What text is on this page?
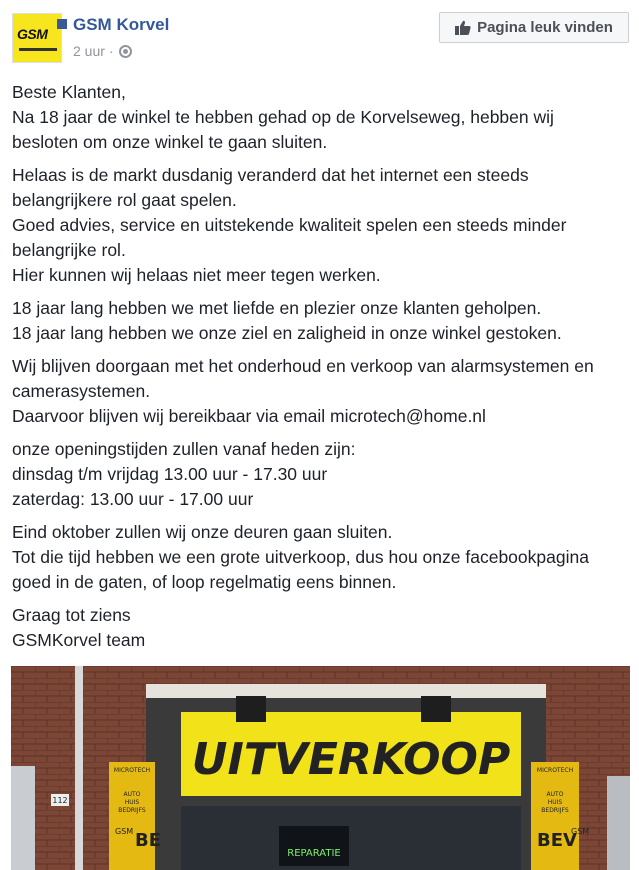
GSM GSM Korvel
2 uur ·
Pagina leuk vinden

Beste Klanten,
Na 18 jaar de winkel te hebben gehad op de Korvelseweg, hebben wij
besloten om onze winkel te gaan sluiten.

Helaas is de markt dusdanig veranderd dat het internet een steeds
belangrijkere rol gaat spelen.
Goed advies, service en uitstekende kwaliteit spelen een steeds minder
belangrijke rol.
Hier kunnen wij helaas niet meer tegen werken.

18 jaar lang hebben we met liefde en plezier onze klanten geholpen.
18 jaar lang hebben we onze ziel en zaligheid in onze winkel gestoken.

Wij blijven doorgaan met het onderhoud en verkoop van alarmsystemen en
camerasystemen.
Daarvoor blijven wij bereikbaar via email microtech@home.nl

onze openingstijden zullen vanaf heden zijn:
dinsdag t/m vrijdag 13.00 uur - 17.30 uur
zaterdag: 13.00 uur - 17.00 uur

Eind oktober zullen wij onze deuren gaan sluiten.
Tot die tijd hebben we een grote uitverkoop, dus hou onze facebookpagina
goed in de gaten, of loop regelmatig eens binnen.

Graag tot ziens
GSMKorvel team

UITVERKOOP
REPARATIE
MICROTECH
AUTO
HUIS
BEDRIJFS
GSM BE
112
MICROTECH
AUTO
HUIS
BEDRIJFS
GSM
BEV
